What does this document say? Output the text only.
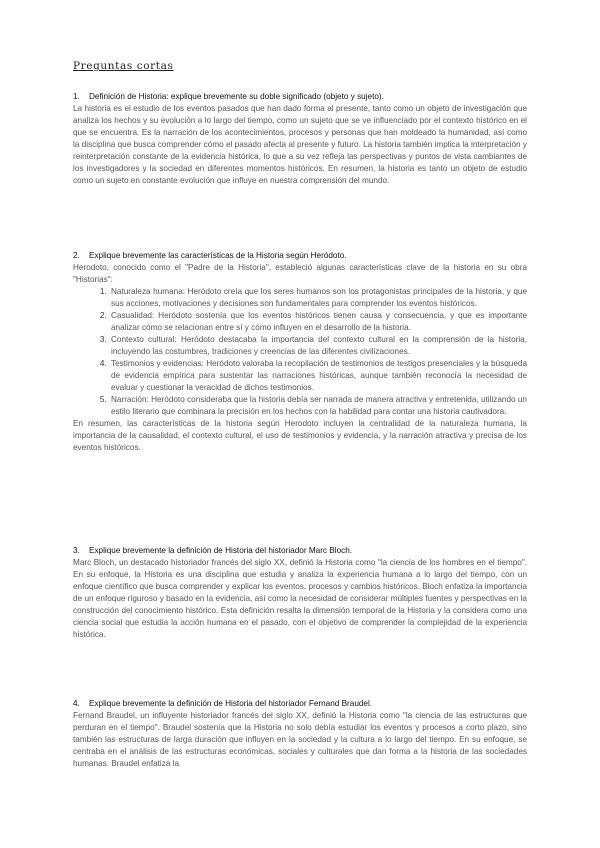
Preguntas cortas

1. Definición de Historia: explique brevemente su doble significado (objeto y sujeto).

La historia es el estudio de los eventos pasados que han dado forma al presente, tanto como un objeto de investigación que analiza los hechos y su evolución a lo largo del tiempo, como un sujeto que se ve influenciado por el contexto histórico en el que se encuentra. Es la narración de los acontecimientos, procesos y personas que han moldeado la humanidad, así como la disciplina que busca comprender cómo el pasado afecta al presente y futuro. La historia también implica la interpretación y reinterpretación constante de la evidencia histórica, lo que a su vez refleja las perspectivas y puntos de vista cambiantes de los investigadores y la sociedad en diferentes momentos históricos. En resumen, la historia es tanto un objeto de estudio como un sujeto en constante evolución que influye en nuestra comprensión del mundo.

2. Explique brevemente las características de la Historia según Heródoto.

Herodoto, conocido como el "Padre de la Historia", estableció algunas características clave de la historia en su obra "Historias":

1. Naturaleza humana: Heródoto creía que los seres humanos son los protagonistas principales de la historia, y que sus acciones, motivaciones y decisiones son fundamentales para comprender los eventos históricos.
2. Casualidad: Heródoto sostenía que los eventos históricos tienen causa y consecuencia, y que es importante analizar cómo se relacionan entre sí y cómo influyen en el desarrollo de la historia.
3. Contexto cultural: Heródoto destacaba la importancia del contexto cultural en la comprensión de la historia, incluyendo las costumbres, tradiciones y creencias de las diferentes civilizaciones.
4. Testimonios y evidencias: Heródoto valoraba la recopilación de testimonios de testigos presenciales y la búsqueda de evidencia empírica para sustentar las narraciones históricas, aunque también reconocía la necesidad de evaluar y cuestionar la veracidad de dichos testimonios.
5. Narración: Heródoto consideraba que la historia debía ser narrada de manera atractiva y entretenida, utilizando un estilo literario que combinara la precisión en los hechos con la habilidad para contar una historia cautivadora.

En resumen, las características de la historia según Herodoto incluyen la centralidad de la naturaleza humana, la importancia de la causalidad, el contexto cultural, el uso de testimonios y evidencia, y la narración atractiva y precisa de los eventos históricos.

3. Explique brevemente la definición de Historia del historiador Marc Bloch.

Marc Bloch, un destacado historiador francés del siglo XX, definió la Historia como "la ciencia de los hombres en el tiempo". En su enfoque, la Historia es una disciplina que estudia y analiza la experiencia humana a lo largo del tiempo, con un enfoque científico que busca comprender y explicar los eventos, procesos y cambios históricos. Bloch enfatiza la importancia de un enfoque riguroso y basado en la evidencia, así como la necesidad de considerar múltiples fuentes y perspectivas en la construcción del conocimiento histórico. Esta definición resalta la dimensión temporal de la Historia y la considera como una ciencia social que estudia la acción humana en el pasado, con el objetivo de comprender la complejidad de la experiencia histórica.

4. Explique brevemente la definición de Historia del historiador Fernand Braudel.

Fernand Braudel, un influyente historiador francés del siglo XX, definió la Historia como "la ciencia de las estructuras que perduran en el tiempo". Braudel sostenía que la Historia no solo debía estudiar los eventos y procesos a corto plazo, sino también las estructuras de larga duración que influyen en la sociedad y la cultura a lo largo del tiempo. En su enfoque, se centraba en el análisis de las estructuras económicas, sociales y culturales que dan forma a la historia de las sociedades humanas. Braudel enfatiza la
